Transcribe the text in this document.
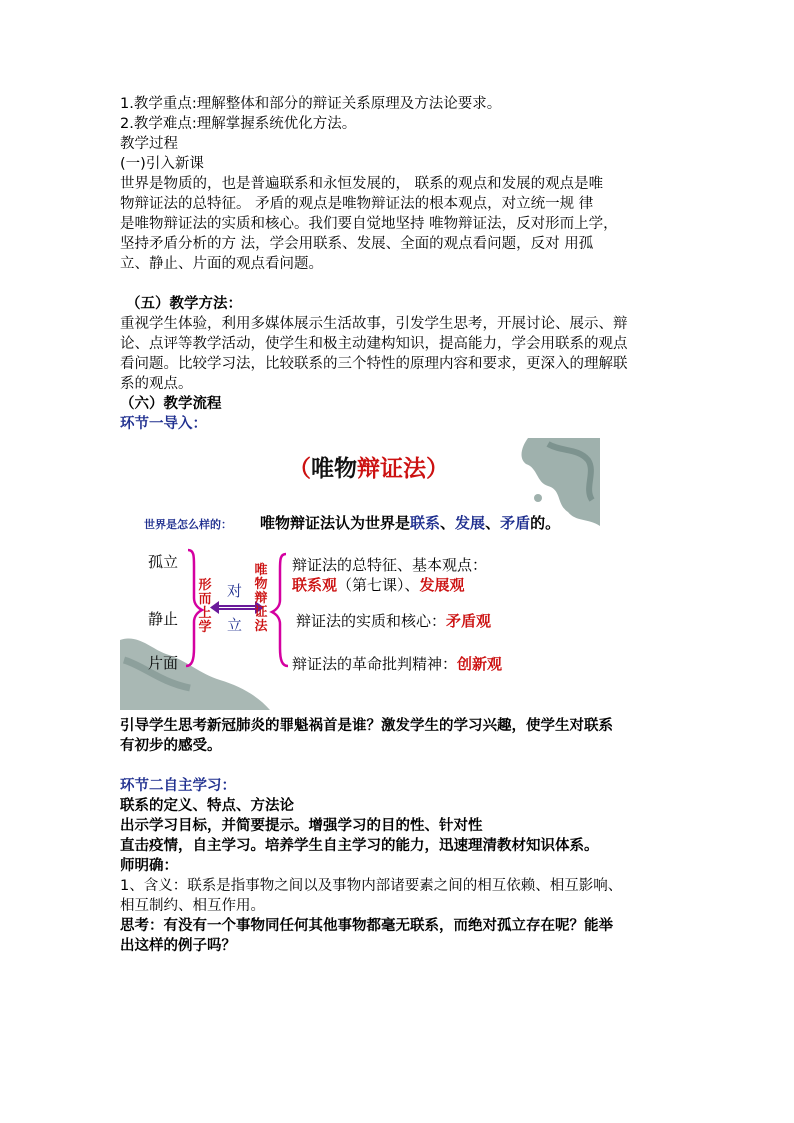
1.教学重点:理解整体和部分的辩证关系原理及方法论要求。

2.教学难点:理解掌握系统优化方法。

教学过程

(一)引入新课

世界是物质的，也是普遍联系和永恒发展的， 联系的观点和发展的观点是唯

物辩证法的总特征。 矛盾的观点是唯物辩证法的根本观点，对立统一规 律

是唯物辩证法的实质和核心。我们要自觉地坚持 唯物辩证法，反对形而上学，

坚持矛盾分析的方 法，学会用联系、发展、全面的观点看问题，反对 用孤

立、静止、片面的观点看问题。

（五）教学方法：

重视学生体验，利用多媒体展示生活故事，引发学生思考，开展讨论、展示、辩

论、点评等教学活动，使学生和极主动建构知识，提高能力，学会用联系的观点

看问题。比较学习法，比较联系的三个特性的原理内容和要求，更深入的理解联

系的观点。

（六）教学流程

环节一导入：

（唯物辩证法）
世界是怎么样的： 唯物辩证法认为世界是联系、发展、矛盾的。
孤立
静止
片面
形而上学
唯物辩证法
对
立
辩证法的总特征、基本观点：
联系观（第七课）、发展观
辩证法的实质和核心：矛盾观
辩证法的革命批判精神：创新观

引导学生思考新冠肺炎的罪魁祸首是谁？激发学生的学习兴趣，使学生对联系

有初步的感受。

环节二自主学习：

联系的定义、特点、方法论

出示学习目标，并简要提示。增强学习的目的性、针对性

直击疫情，自主学习。培养学生自主学习的能力，迅速理清教材知识体系。

师明确：

1、含义：联系是指事物之间以及事物内部诸要素之间的相互依赖、相互影响、

相互制约、相互作用。

思考：有没有一个事物同任何其他事物都毫无联系，而绝对孤立存在呢？能举

出这样的例子吗？
